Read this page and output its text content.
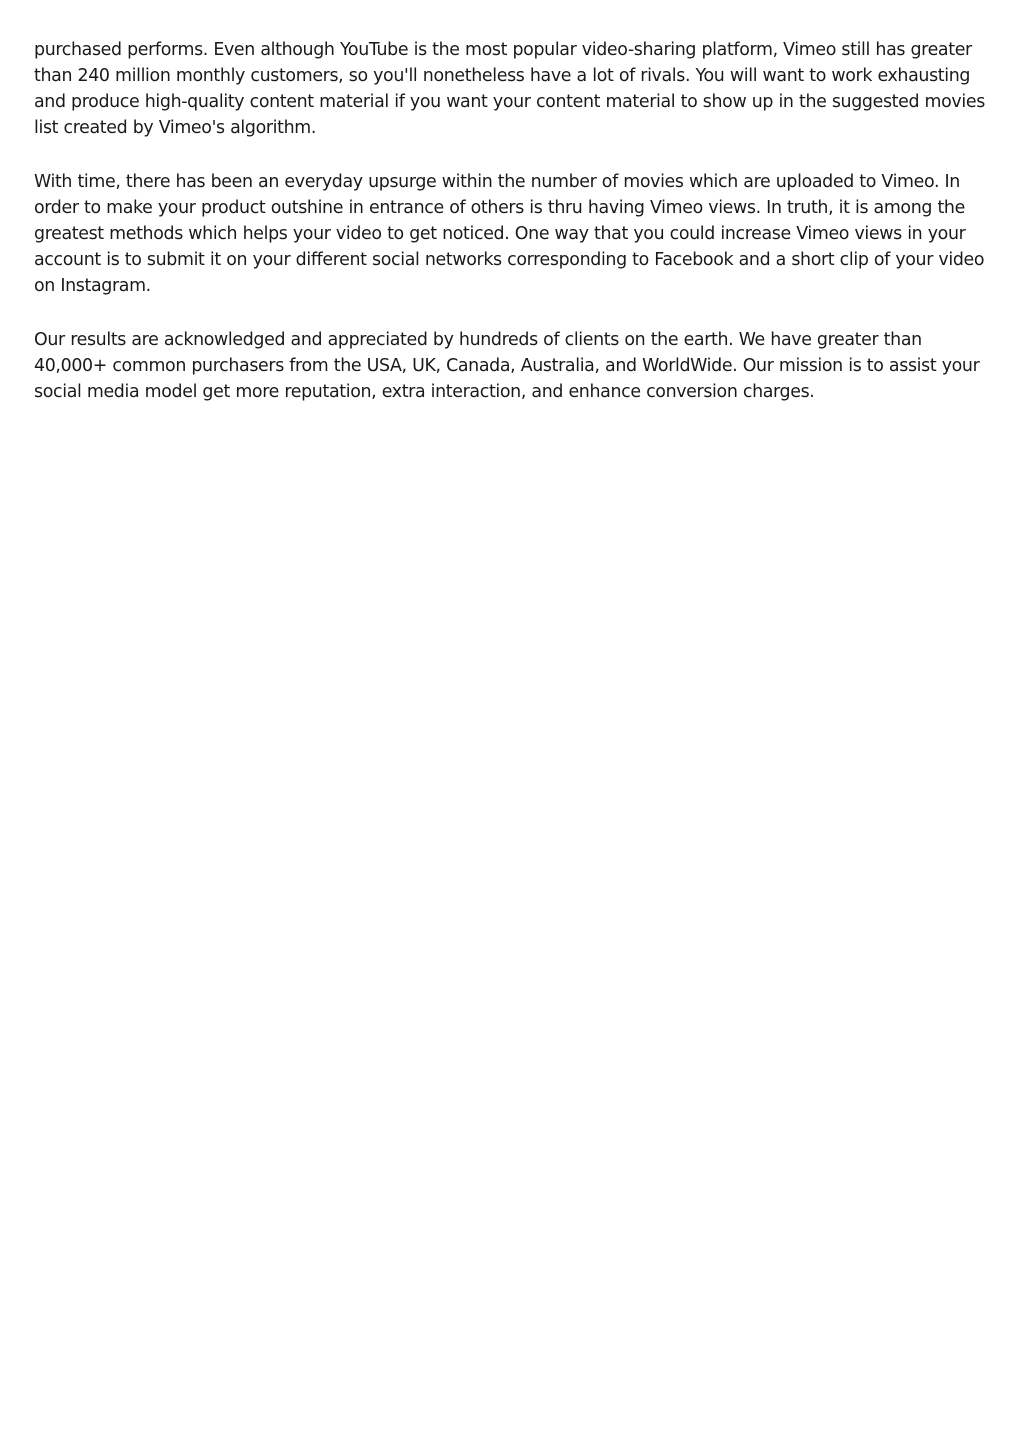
purchased performs. Even although YouTube is the most popular video-sharing platform, Vimeo still has greater than 240 million monthly customers, so you'll nonetheless have a lot of rivals. You will want to work exhausting and produce high-quality content material if you want your content material to show up in the suggested movies list created by Vimeo's algorithm.

With time, there has been an everyday upsurge within the number of movies which are uploaded to Vimeo. In order to make your product outshine in entrance of others is thru having Vimeo views. In truth, it is among the greatest methods which helps your video to get noticed. One way that you could increase Vimeo views in your account is to submit it on your different social networks corresponding to Facebook and a short clip of your video on Instagram.

Our results are acknowledged and appreciated by hundreds of clients on the earth. We have greater than 40,000+ common purchasers from the USA, UK, Canada, Australia, and WorldWide. Our mission is to assist your social media model get more reputation, extra interaction, and enhance conversion charges.
